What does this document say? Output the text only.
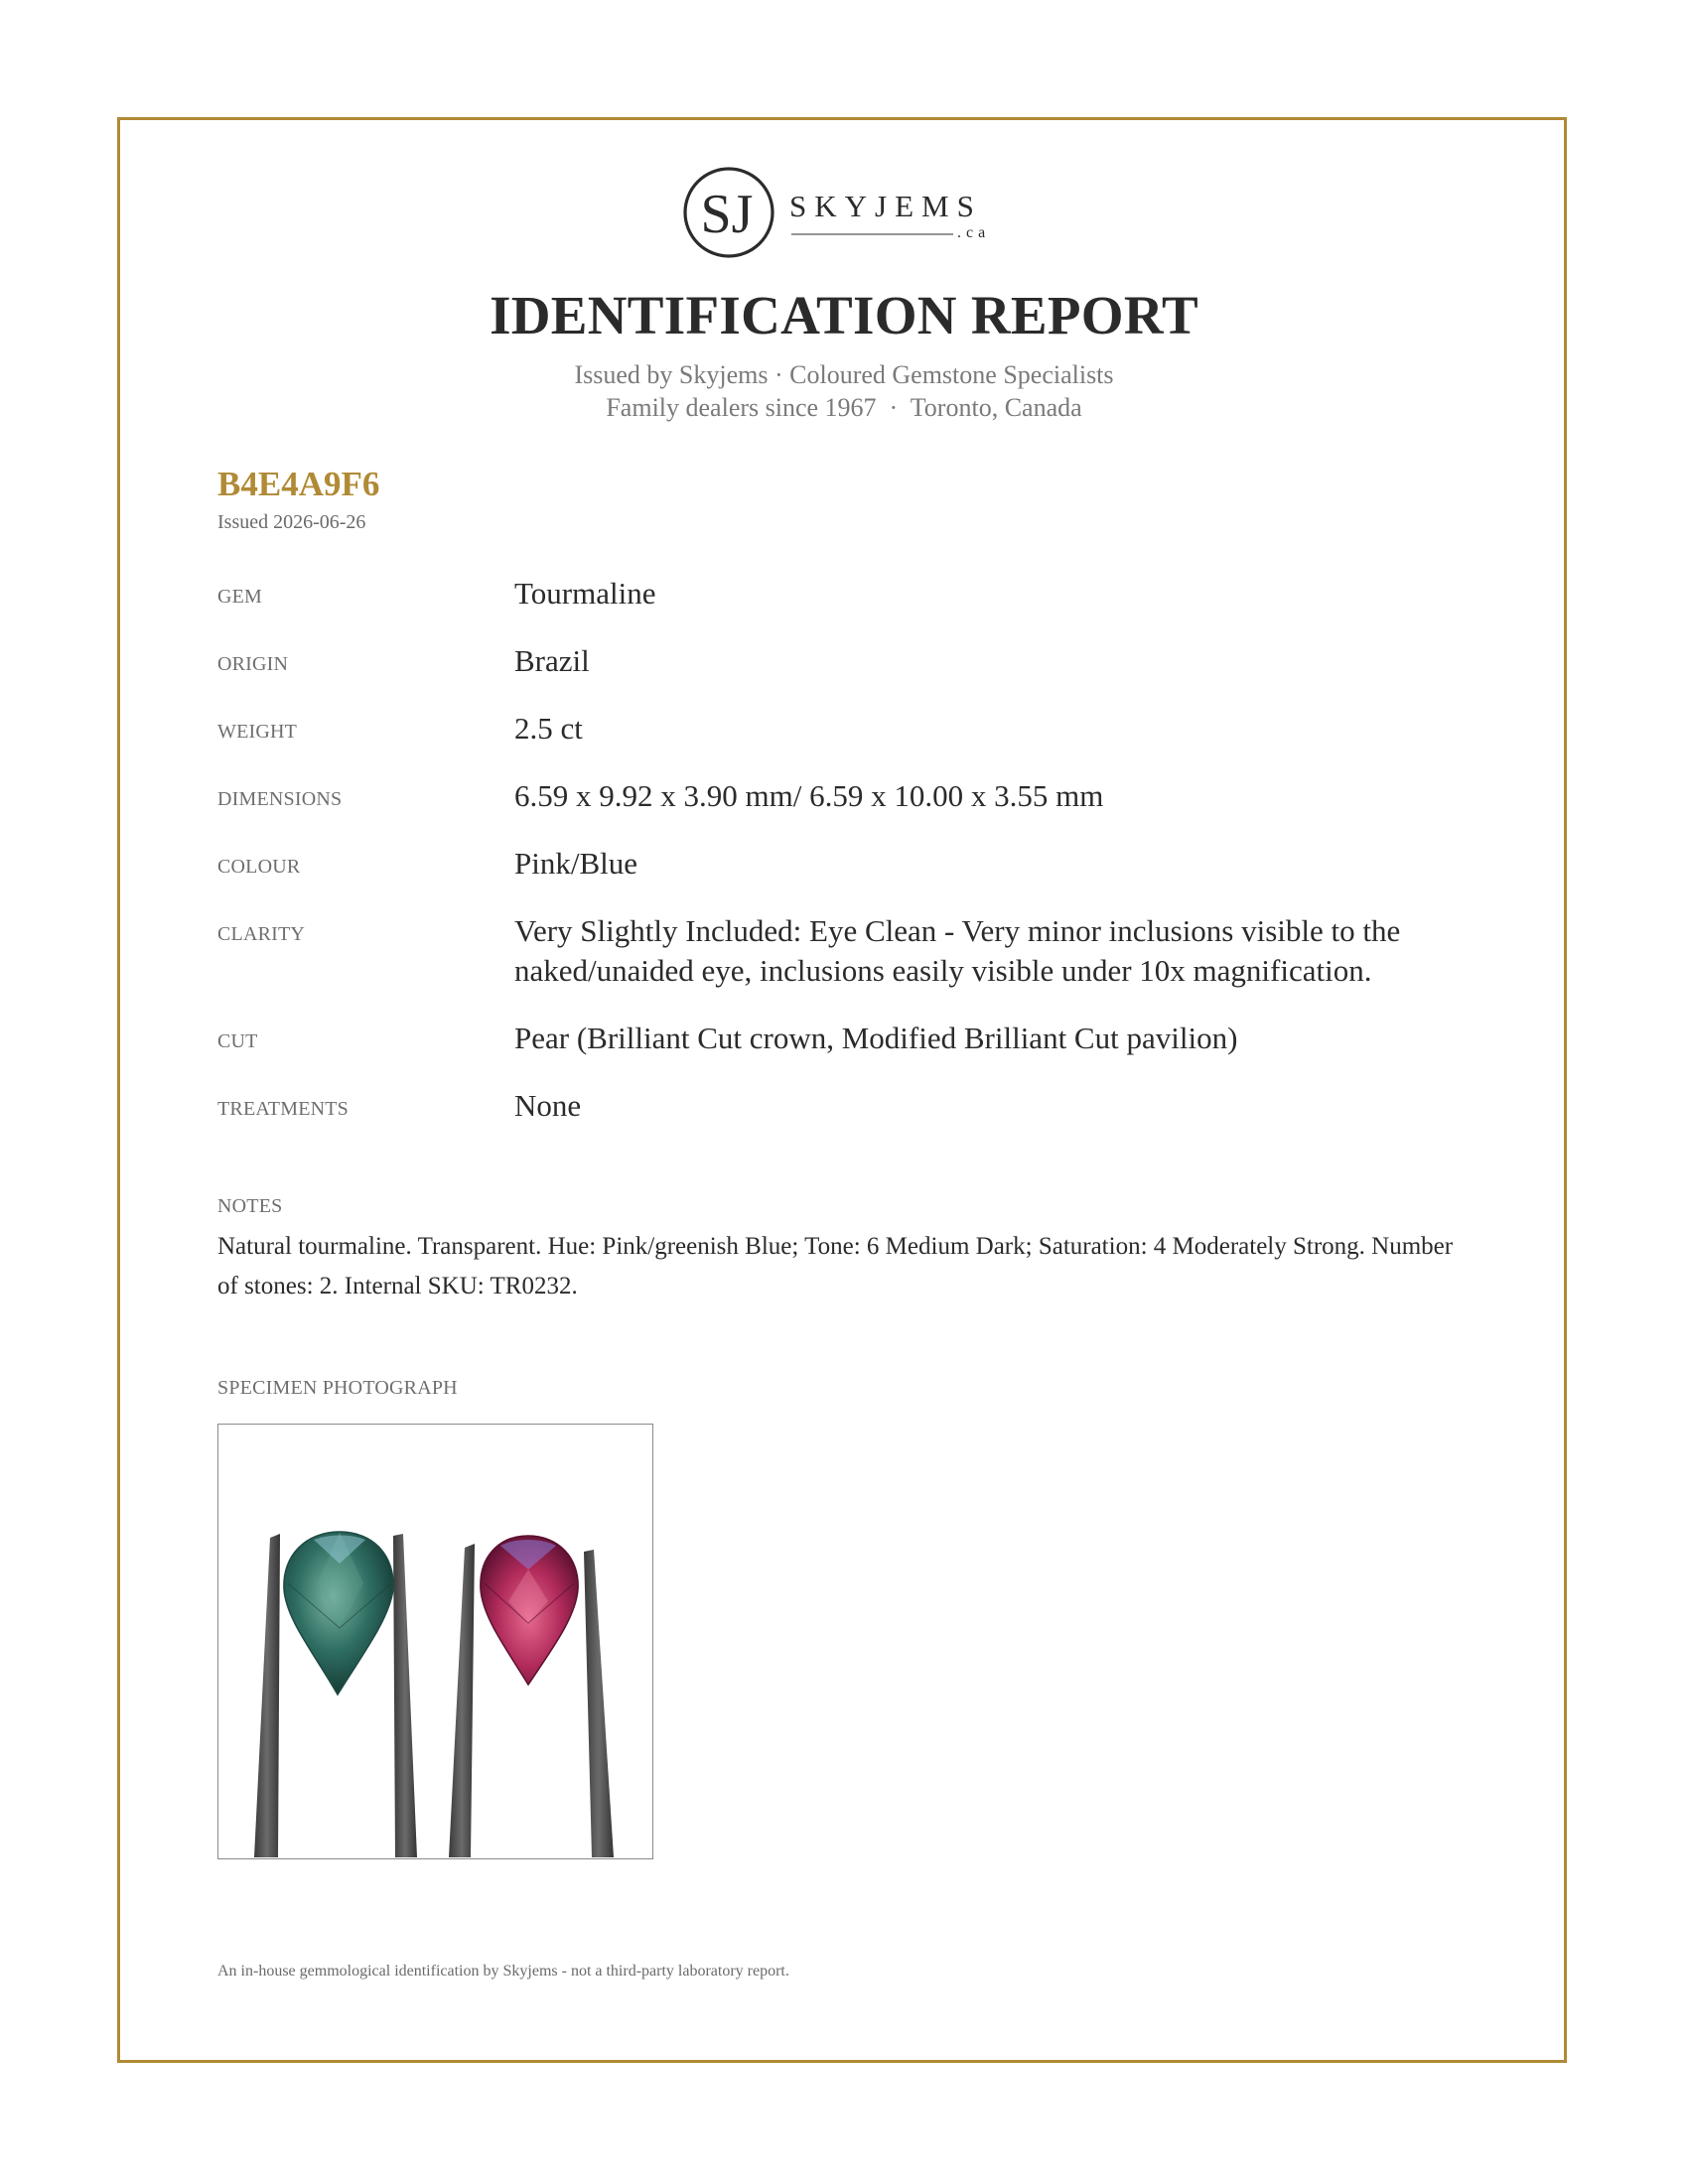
SJ SKYJEMS
.ca
IDENTIFICATION REPORT
Issued by Skyjems · Coloured Gemstone Specialists
Family dealers since 1967  ·  Toronto, Canada
B4E4A9F6
Issued 2026-06-26
GEM	Tourmaline
ORIGIN	Brazil
WEIGHT	2.5 ct
DIMENSIONS	6.59 x 9.92 x 3.90 mm/ 6.59 x 10.00 x 3.55 mm
COLOUR	Pink/Blue
CLARITY	Very Slightly Included: Eye Clean - Very minor inclusions visible to the naked/unaided eye, inclusions easily visible under 10x magnification.
CUT	Pear (Brilliant Cut crown, Modified Brilliant Cut pavilion)
TREATMENTS	None
NOTES
Natural tourmaline. Transparent. Hue: Pink/greenish Blue; Tone: 6 Medium Dark; Saturation: 4 Moderately Strong. Number of stones: 2. Internal SKU: TR0232.
SPECIMEN PHOTOGRAPH
An in-house gemmological identification by Skyjems - not a third-party laboratory report.
